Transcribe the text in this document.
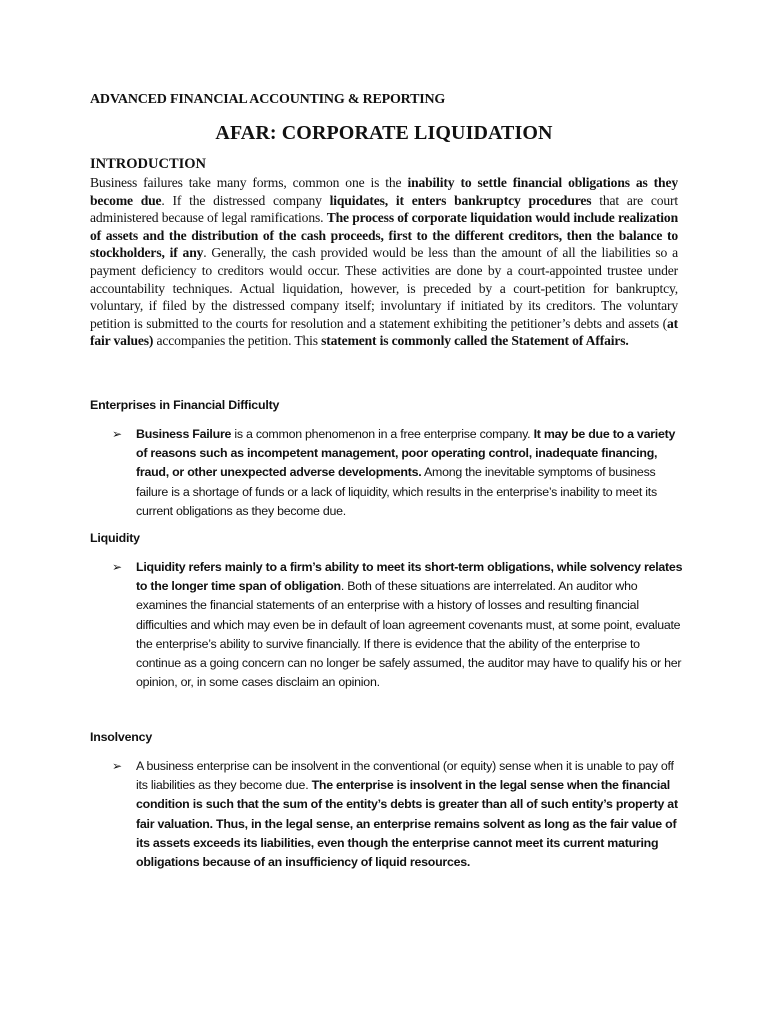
ADVANCED FINANCIAL ACCOUNTING & REPORTING

AFAR: CORPORATE LIQUIDATION
INTRODUCTION

Business failures take many forms, common one is the inability to settle financial obligations as they become due. If the distressed company liquidates, it enters bankruptcy procedures that are court administered because of legal ramifications. The process of corporate liquidation would include realization of assets and the distribution of the cash proceeds, first to the different creditors, then the balance to stockholders, if any. Generally, the cash provided would be less than the amount of all the liabilities so a payment deficiency to creditors would occur. These activities are done by a court-appointed trustee under accountability techniques. Actual liquidation, however, is preceded by a court-petition for bankruptcy, voluntary, if filed by the distressed company itself; involuntary if initiated by its creditors. The voluntary petition is submitted to the courts for resolution and a statement exhibiting the petitioner’s debts and assets (at fair values) accompanies the petition. This statement is commonly called the Statement of Affairs.

Enterprises in Financial Difficulty
➢ Business Failure is a common phenomenon in a free enterprise company. It may be due to a variety of reasons such as incompetent management, poor operating control, inadequate financing, fraud, or other unexpected adverse developments. Among the inevitable symptoms of business failure is a shortage of funds or a lack of liquidity, which results in the enterprise’s inability to meet its current obligations as they become due.

Liquidity
➢ Liquidity refers mainly to a firm’s ability to meet its short-term obligations, while solvency relates to the longer time span of obligation. Both of these situations are interrelated. An auditor who examines the financial statements of an enterprise with a history of losses and resulting financial difficulties and which may even be in default of loan agreement covenants must, at some point, evaluate the enterprise’s ability to survive financially. If there is evidence that the ability of the enterprise to continue as a going concern can no longer be safely assumed, the auditor may have to qualify his or her opinion, or, in some cases disclaim an opinion.

Insolvency
➢ A business enterprise can be insolvent in the conventional (or equity) sense when it is unable to pay off its liabilities as they become due. The enterprise is insolvent in the legal sense when the financial condition is such that the sum of the entity’s debts is greater than all of such entity’s property at fair valuation. Thus, in the legal sense, an enterprise remains solvent as long as the fair value of its assets exceeds its liabilities, even though the enterprise cannot meet its current maturing obligations because of an insufficiency of liquid resources.
